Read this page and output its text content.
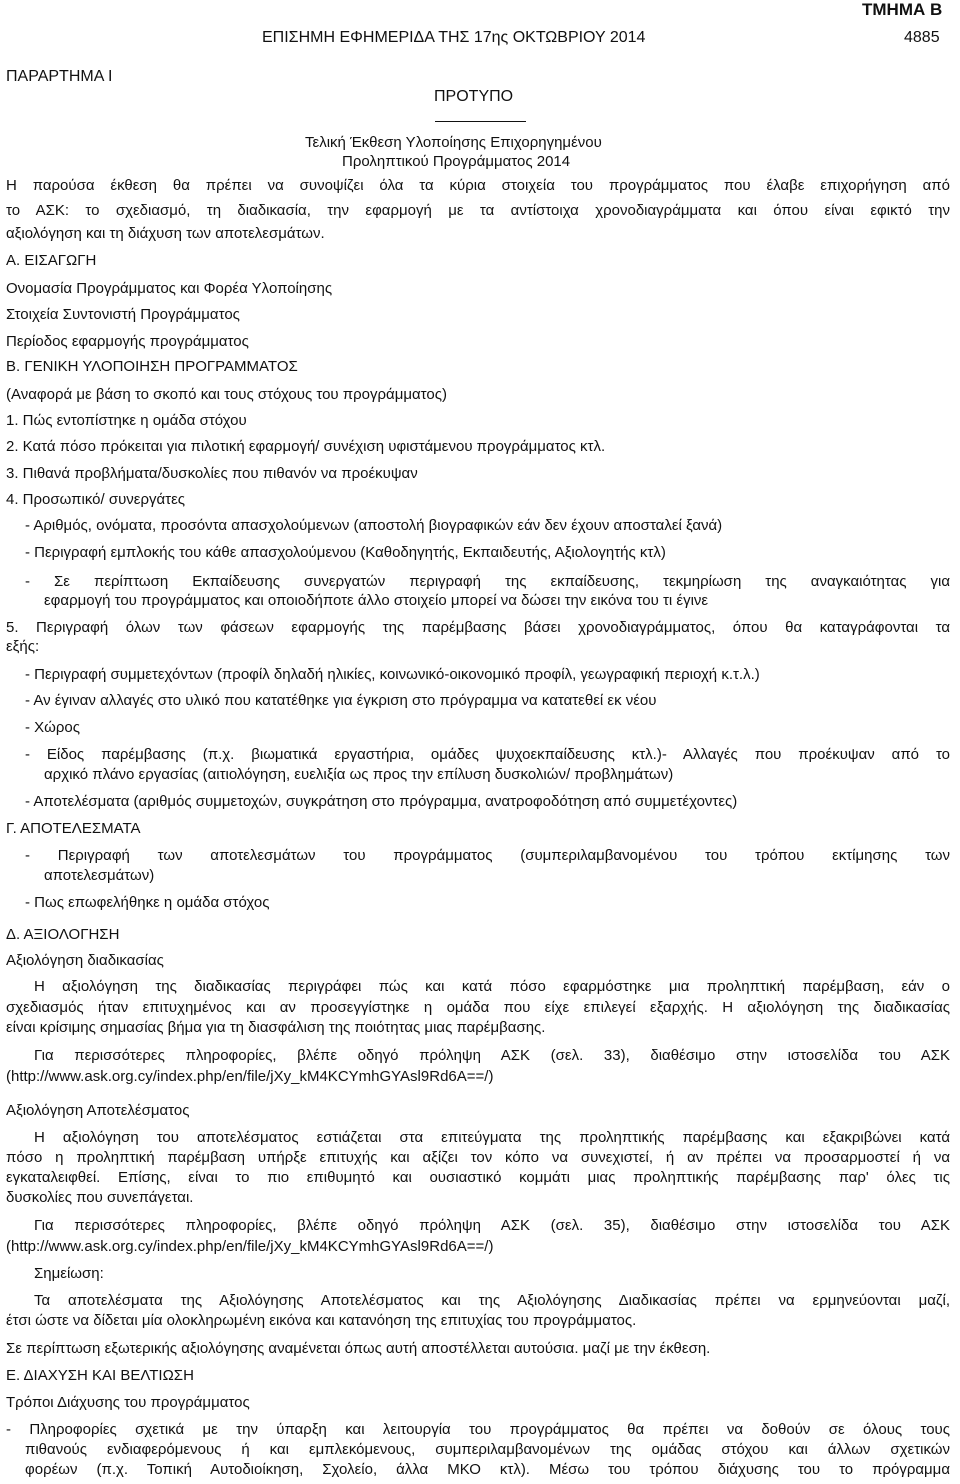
ΤΜΗΜΑ Β
ΕΠΙΣΗΜΗ ΕΦΗΜΕΡΙΔΑ ΤΗΣ 17ης ΟΚΤΩΒΡΙΟΥ 2014	4885
ΠΑΡΑΡΤΗΜΑ Ι
ΠΡΟΤΥΠΟ
Τελική Έκθεση Υλοποίησης Επιχορηγημένου
Προληπτικού Προγράμματος 2014
Η παρούσα έκθεση θα πρέπει να συνοψίζει όλα τα κύρια στοιχεία του προγράμματος που έλαβε επιχορήγηση από
το ΑΣΚ: το σχεδιασμό, τη διαδικασία, την εφαρμογή με τα αντίστοιχα χρονοδιαγράμματα και όπου είναι εφικτό την
αξιολόγηση και τη διάχυση των αποτελεσμάτων.
Α. ΕΙΣΑΓΩΓΗ
Ονομασία Προγράμματος και Φορέα Υλοποίησης
Στοιχεία Συντονιστή Προγράμματος
Περίοδος εφαρμογής προγράμματος
Β. ΓΕΝΙΚΗ ΥΛΟΠΟΙΗΣΗ ΠΡΟΓΡΑΜΜΑΤΟΣ
(Αναφορά με βάση το σκοπό και τους στόχους του προγράμματος)
1. Πώς εντοπίστηκε η ομάδα στόχου
2. Κατά πόσο πρόκειται για πιλοτική εφαρμογή/ συνέχιση υφιστάμενου προγράμματος κτλ.
3. Πιθανά προβλήματα/δυσκολίες που πιθανόν να προέκυψαν
4. Προσωπικό/ συνεργάτες
- Αριθμός, ονόματα, προσόντα απασχολούμενων (αποστολή βιογραφικών εάν δεν έχουν αποσταλεί ξανά)
- Περιγραφή εμπλοκής του κάθε απασχολούμενου (Καθοδηγητής, Εκπαιδευτής, Αξιολογητής κτλ)
- Σε περίπτωση Εκπαίδευσης συνεργατών περιγραφή της εκπαίδευσης, τεκμηρίωση της αναγκαιότητας για
εφαρμογή του προγράμματος και οποιοδήποτε άλλο στοιχείο μπορεί να δώσει την εικόνα του τι έγινε
5. Περιγραφή όλων των φάσεων εφαρμογής της παρέμβασης βάσει χρονοδιαγράμματος, όπου θα καταγράφονται τα
εξής:
- Περιγραφή συμμετεχόντων (προφίλ δηλαδή ηλικίες, κοινωνικό-οικονομικό προφίλ, γεωγραφική περιοχή κ.τ.λ.)
- Αν έγιναν αλλαγές στο υλικό που κατατέθηκε για έγκριση στο πρόγραμμα να κατατεθεί εκ νέου
- Χώρος
- Είδος παρέμβασης (π.χ. βιωματικά εργαστήρια, ομάδες ψυχοεκπαίδευσης κτλ.)- Αλλαγές που προέκυψαν από το
αρχικό πλάνο εργασίας (αιτιολόγηση, ευελιξία ως προς την επίλυση δυσκολιών/ προβλημάτων)
- Αποτελέσματα (αριθμός συμμετοχών, συγκράτηση στο πρόγραμμα, ανατροφοδότηση από συμμετέχοντες)
Γ. ΑΠΟΤΕΛΕΣΜΑΤΑ
- Περιγραφή των αποτελεσμάτων του προγράμματος (συμπεριλαμβανομένου του τρόπου εκτίμησης των
αποτελεσμάτων)
- Πως επωφελήθηκε η ομάδα στόχος
Δ. ΑΞΙΟΛΟΓΗΣΗ
Αξιολόγηση διαδικασίας
Η αξιολόγηση της διαδικασίας περιγράφει πώς και κατά πόσο εφαρμόστηκε μια προληπτική παρέμβαση, εάν ο
σχεδιασμός ήταν επιτυχημένος και αν προσεγγίστηκε η ομάδα που είχε επιλεγεί εξαρχής. Η αξιολόγηση της διαδικασίας
είναι κρίσιμης σημασίας βήμα για τη διασφάλιση της ποιότητας μιας παρέμβασης.
Για περισσότερες πληροφορίες, βλέπε οδηγό πρόληψη ΑΣΚ (σελ. 33), διαθέσιμο στην ιστοσελίδα του ΑΣΚ
(http://www.ask.org.cy/index.php/en/file/jXy_kM4KCYmhGYAsl9Rd6A==/)
Αξιολόγηση Αποτελέσματος
Η αξιολόγηση του αποτελέσματος εστιάζεται στα επιτεύγματα της προληπτικής παρέμβασης και εξακριβώνει κατά
πόσο η προληπτική παρέμβαση υπήρξε επιτυχής και αξίζει τον κόπο να συνεχιστεί, ή αν πρέπει να προσαρμοστεί ή να
εγκαταλειφθεί. Επίσης, είναι το πιο επιθυμητό και ουσιαστικό κομμάτι μιας προληπτικής παρέμβασης παρ' όλες τις
δυσκολίες που συνεπάγεται.
Για περισσότερες πληροφορίες, βλέπε οδηγό πρόληψη ΑΣΚ (σελ. 35), διαθέσιμο στην ιστοσελίδα του ΑΣΚ
(http://www.ask.org.cy/index.php/en/file/jXy_kM4KCYmhGYAsl9Rd6A==/)
Σημείωση:
Τα αποτελέσματα της Αξιολόγησης Αποτελέσματος και της Αξιολόγησης Διαδικασίας πρέπει να ερμηνεύονται μαζί,
έτσι ώστε να δίδεται μία ολοκληρωμένη εικόνα και κατανόηση της επιτυχίας του προγράμματος.
Σε περίπτωση εξωτερικής αξιολόγησης αναμένεται όπως αυτή αποστέλλεται αυτούσια. μαζί με την έκθεση.
Ε. ΔΙΑΧΥΣΗ ΚΑΙ ΒΕΛΤΙΩΣΗ
Τρόποι Διάχυσης του προγράμματος
- Πληροφορίες σχετικά με την ύπαρξη και λειτουργία του προγράμματος θα πρέπει να δοθούν σε όλους τους
πιθανούς ενδιαφερόμενους ή και εμπλεκόμενους, συμπεριλαμβανομένων της ομάδας στόχου και άλλων σχετικών
φορέων (π.χ. Τοπική Αυτοδιοίκηση, Σχολείο, άλλα ΜΚΟ κτλ). Μέσω του τρόπου διάχυσης του το πρόγραμμα
